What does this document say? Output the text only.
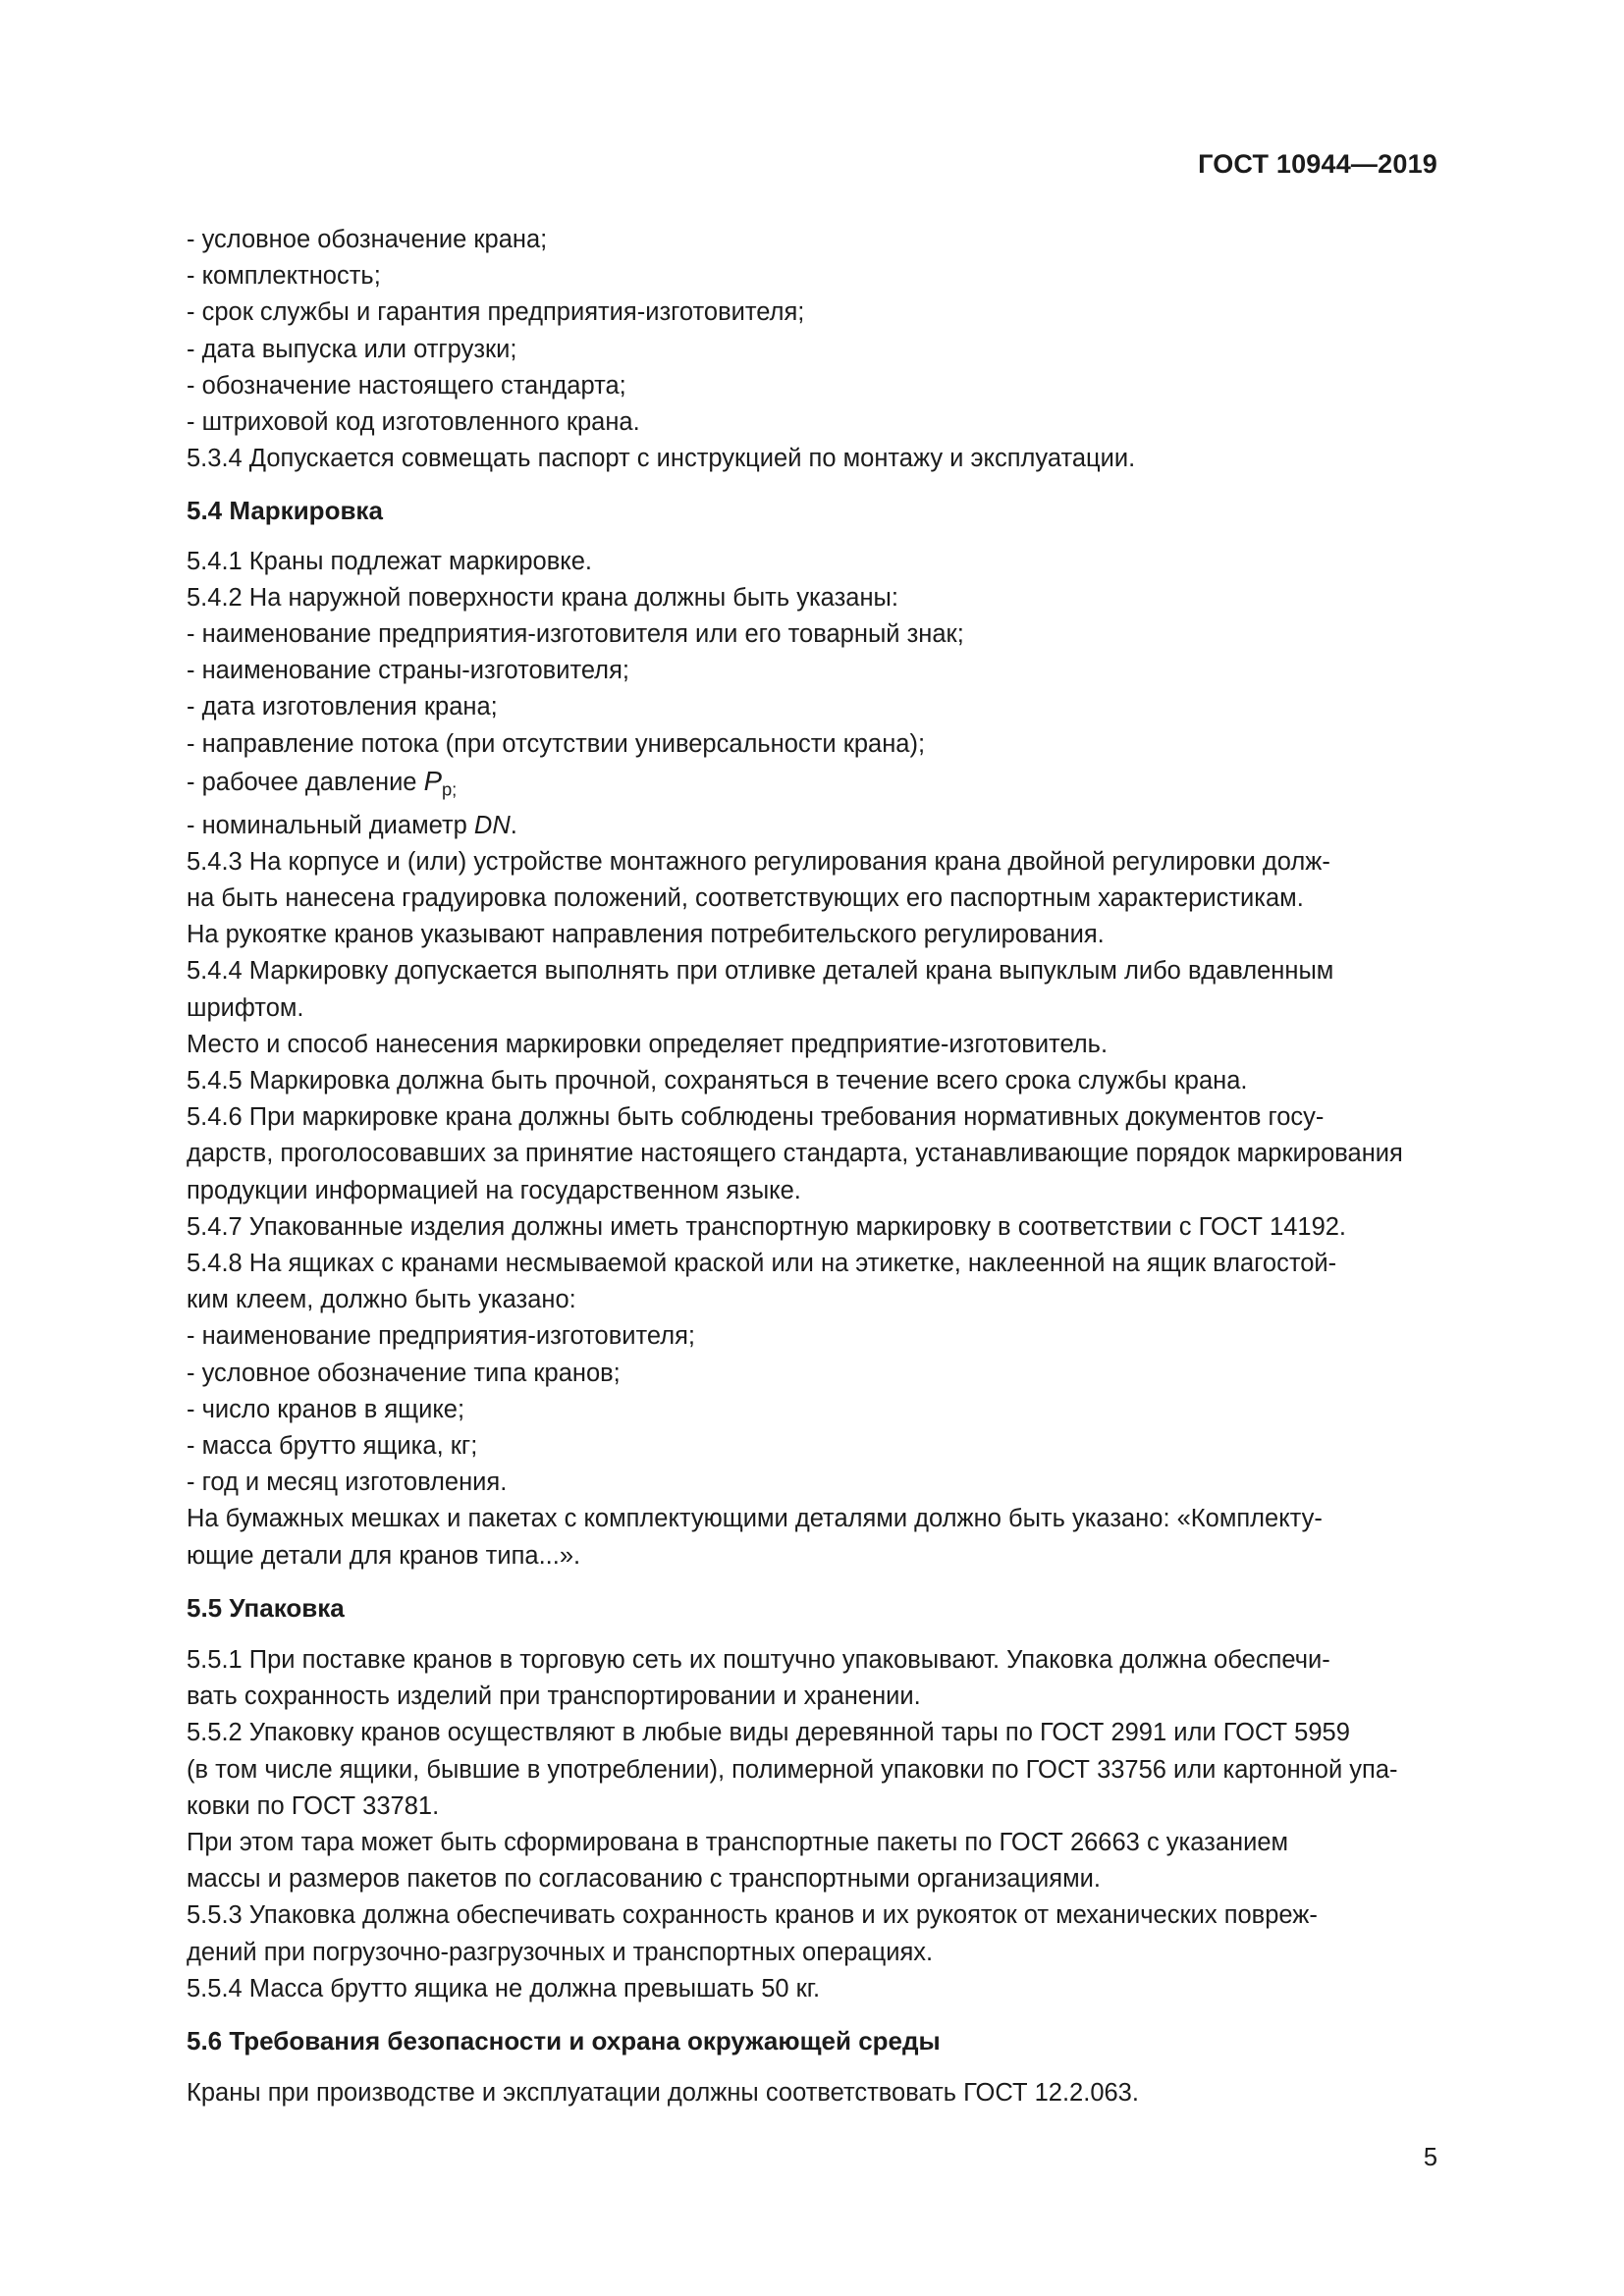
ГОСТ 10944—2019

- условное обозначение крана;

- комплектность;

- срок службы и гарантия предприятия-изготовителя;

- дата выпуска или отгрузки;

- обозначение настоящего стандарта;

- штриховой код изготовленного крана.

5.3.4 Допускается совмещать паспорт с инструкцией по монтажу и эксплуатации.

5.4 Маркировка

5.4.1 Краны подлежат маркировке.

5.4.2 На наружной поверхности крана должны быть указаны:

- наименование предприятия-изготовителя или его товарный знак;

- наименование страны-изготовителя;

- дата изготовления крана;

- направление потока (при отсутствии универсальности крана);

- рабочее давление $P_{р;}$

- номинальный диаметр DN.

5.4.3 На корпусе и (или) устройстве монтажного регулирования крана двойной регулировки долж-

на быть нанесена градуировка положений, соответствующих его паспортным характеристикам.

На рукоятке кранов указывают направления потребительского регулирования.

5.4.4 Маркировку допускается выполнять при отливке деталей крана выпуклым либо вдавленным

шрифтом.

Место и способ нанесения маркировки определяет предприятие-изготовитель.

5.4.5 Маркировка должна быть прочной, сохраняться в течение всего срока службы крана.

5.4.6 При маркировке крана должны быть соблюдены требования нормативных документов госу-

дарств, проголосовавших за принятие настоящего стандарта, устанавливающие порядок маркирования

продукции информацией на государственном языке.

5.4.7 Упакованные изделия должны иметь транспортную маркировку в соответствии с ГОСТ 14192.

5.4.8 На ящиках с кранами несмываемой краской или на этикетке, наклеенной на ящик влагостой-

ким клеем, должно быть указано:

- наименование предприятия-изготовителя;

- условное обозначение типа кранов;

- число кранов в ящике;

- масса брутто ящика, кг;

- год и месяц изготовления.

На бумажных мешках и пакетах с комплектующими деталями должно быть указано: «Комплекту-

ющие детали для кранов типа...».

5.5 Упаковка

5.5.1 При поставке кранов в торговую сеть их поштучно упаковывают. Упаковка должна обеспечи-

вать сохранность изделий при транспортировании и хранении.

5.5.2 Упаковку кранов осуществляют в любые виды деревянной тары по ГОСТ 2991 или ГОСТ 5959

(в том числе ящики, бывшие в употреблении), полимерной упаковки по ГОСТ 33756 или картонной упа-

ковки по ГОСТ 33781.

При этом тара может быть сформирована в транспортные пакеты по ГОСТ 26663 с указанием

массы и размеров пакетов по согласованию с транспортными организациями.

5.5.3 Упаковка должна обеспечивать сохранность кранов и их рукояток от механических повреж-

дений при погрузочно-разгрузочных и транспортных операциях.

5.5.4 Масса брутто ящика не должна превышать 50 кг.

5.6 Требования безопасности и охрана окружающей среды

Краны при производстве и эксплуатации должны соответствовать ГОСТ 12.2.063.

5
